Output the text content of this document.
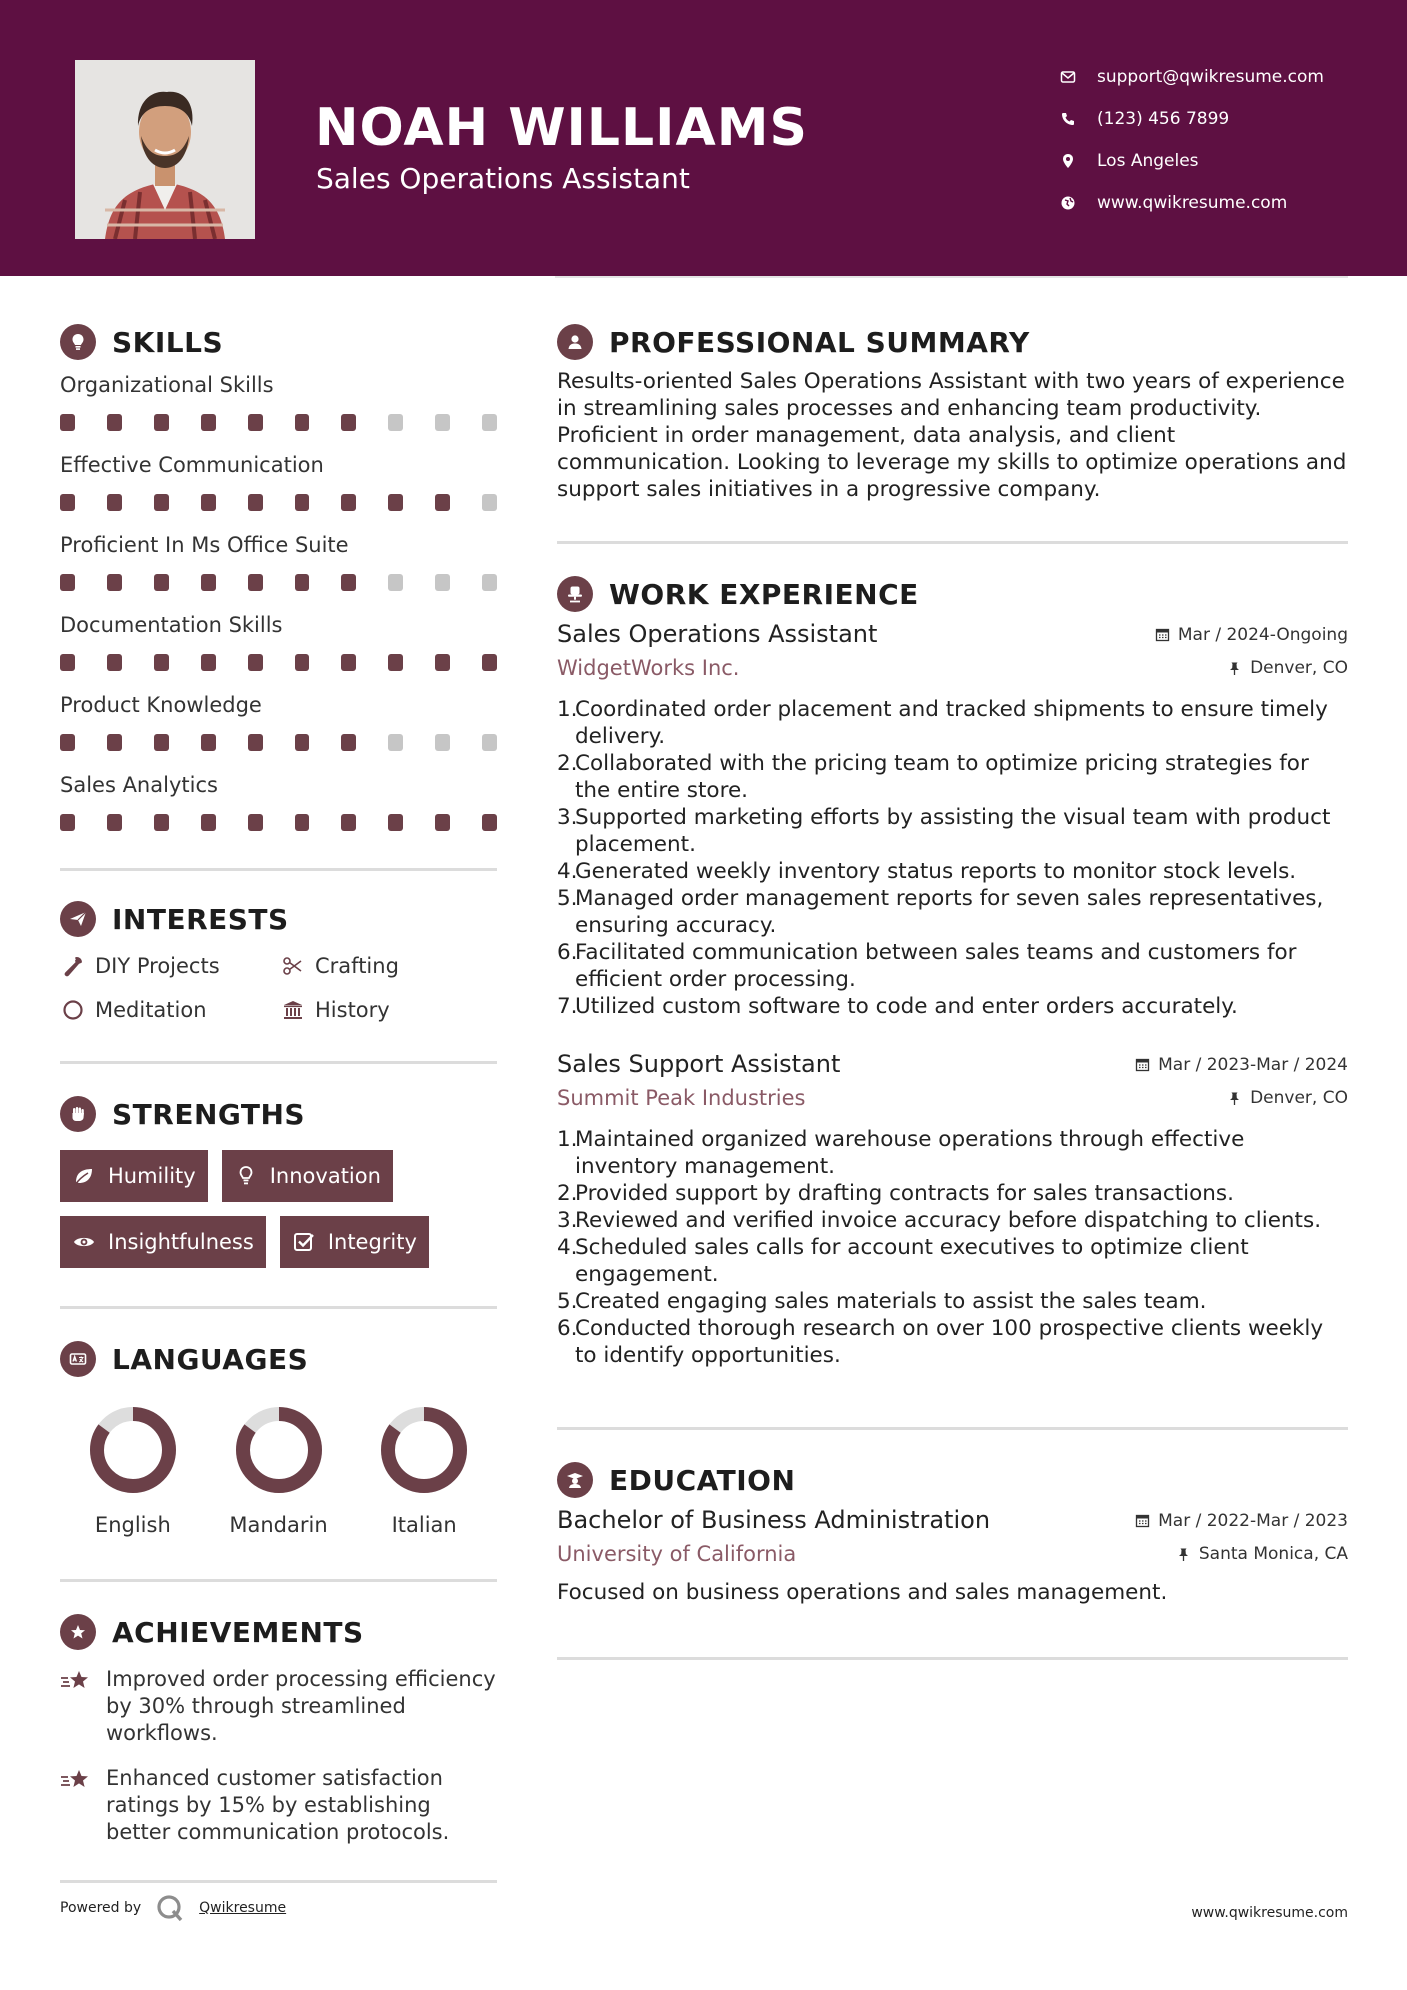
NOAH WILLIAMS
Sales Operations Assistant
support@qwikresume.com
(123) 456 7899
Los Angeles
www.qwikresume.com
SKILLS
Organizational Skills
Effective Communication
Proficient In Ms Office Suite
Documentation Skills
Product Knowledge
Sales Analytics
INTERESTS
DIY Projects	Crafting
Meditation	History
STRENGTHS
Humility	Innovation
Insightfulness	Integrity
LANGUAGES
English	Mandarin	Italian
ACHIEVEMENTS
Improved order processing efficiency by 30% through streamlined workflows.
Enhanced customer satisfaction ratings by 15% by establishing better communication protocols.
PROFESSIONAL SUMMARY

Results-oriented Sales Operations Assistant with two years of experience in streamlining sales processes and enhancing team productivity. Proficient in order management, data analysis, and client communication. Looking to leverage my skills to optimize operations and support sales initiatives in a progressive company.

WORK EXPERIENCE
Sales Operations Assistant	Mar / 2024-Ongoing
WidgetWorks Inc.	Denver, CO
1.
Coordinated order placement and tracked shipments to ensure timely delivery.
2.
Collaborated with the pricing team to optimize pricing strategies for the entire store.
3.
Supported marketing efforts by assisting the visual team with product placement.
4.
Generated weekly inventory status reports to monitor stock levels.
5.
Managed order management reports for seven sales representatives, ensuring accuracy.
6.
Facilitated communication between sales teams and customers for efficient order processing.
7.
Utilized custom software to code and enter orders accurately.
Sales Support Assistant	Mar / 2023-Mar / 2024
Summit Peak Industries	Denver, CO
1.
Maintained organized warehouse operations through effective inventory management.
2.
Provided support by drafting contracts for sales transactions.
3.
Reviewed and verified invoice accuracy before dispatching to clients.
4.
Scheduled sales calls for account executives to optimize client engagement.
5.
Created engaging sales materials to assist the sales team.
6.
Conducted thorough research on over 100 prospective clients weekly to identify opportunities.
EDUCATION
Bachelor of Business Administration	Mar / 2022-Mar / 2023
University of California	Santa Monica, CA

Focused on business operations and sales management.

Powered by	Qwikresume	www.qwikresume.com
